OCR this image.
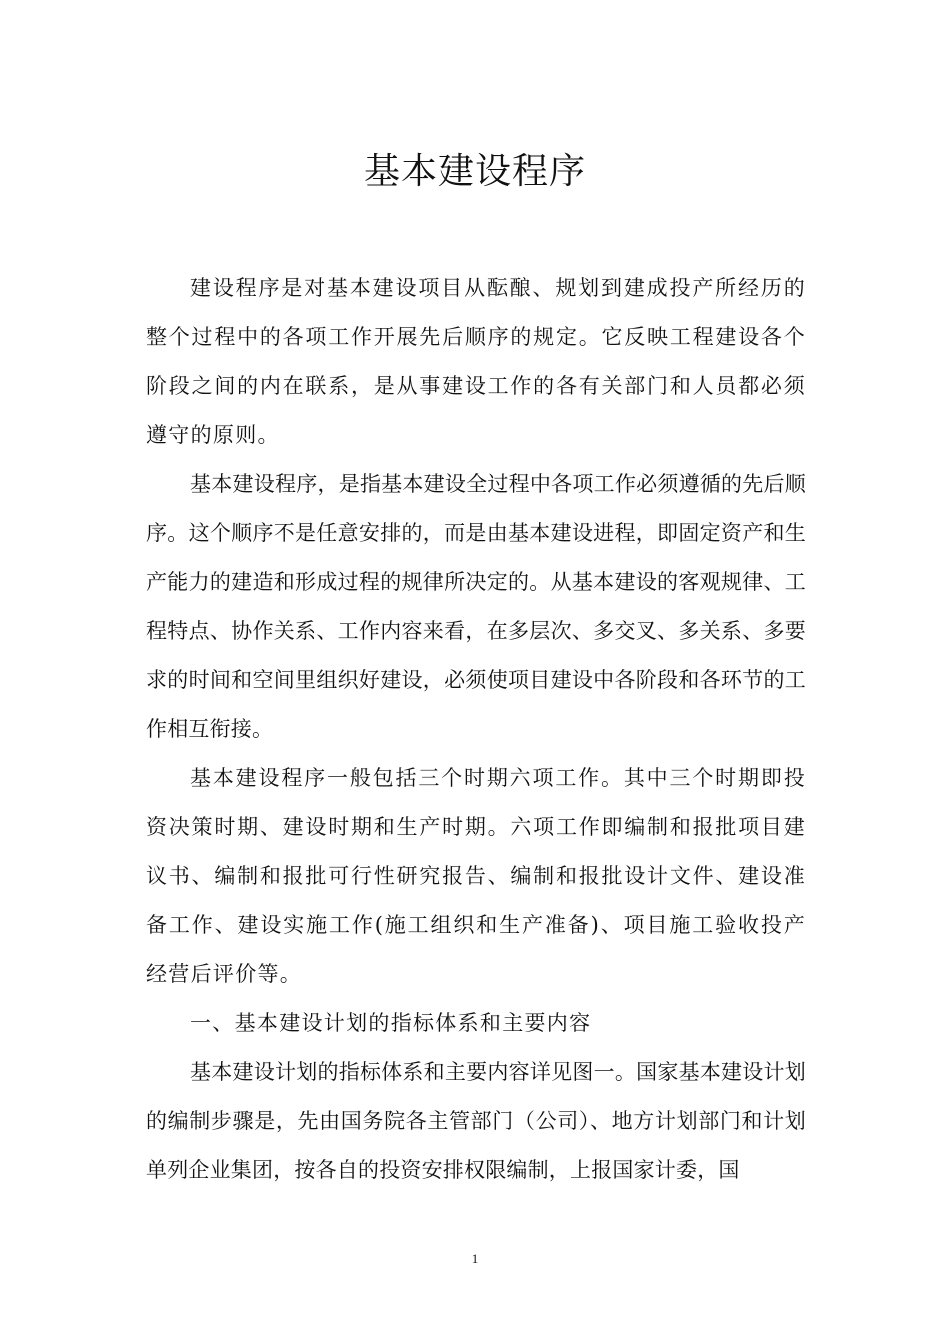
基本建设程序

建设程序是对基本建设项目从酝酿、规划到建成投产所经历的整个过程中的各项工作开展先后顺序的规定。它反映工程建设各个阶段之间的内在联系，是从事建设工作的各有关部门和人员都必须遵守的原则。

基本建设程序，是指基本建设全过程中各项工作必须遵循的先后顺序。这个顺序不是任意安排的，而是由基本建设进程，即固定资产和生产能力的建造和形成过程的规律所决定的。从基本建设的客观规律、工程特点、协作关系、工作内容来看，在多层次、多交叉、多关系、多要求的时间和空间里组织好建设，必须使项目建设中各阶段和各环节的工作相互衔接。

基本建设程序一般包括三个时期六项工作。其中三个时期即投资决策时期、建设时期和生产时期。六项工作即编制和报批项目建议书、编制和报批可行性研究报告、编制和报批设计文件、建设准备工作、建设实施工作(施工组织和生产准备)、项目施工验收投产经营后评价等。

一、基本建设计划的指标体系和主要内容

基本建设计划的指标体系和主要内容详见图一。国家基本建设计划的编制步骤是，先由国务院各主管部门（公司）、地方计划部门和计划单列企业集团，按各自的投资安排权限编制，上报国家计委，国

1
